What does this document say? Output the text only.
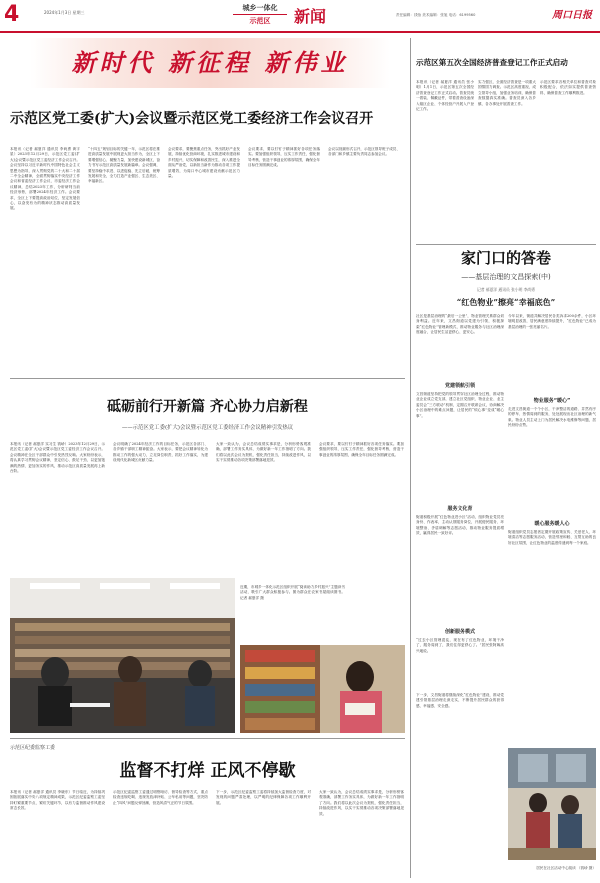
4	2024年1月3日 星期三
城乡一体化
示范区	新闻	责任编辑：钱怡 美术编辑：张旭 电话：6199560	周口日报
新时代 新征程 新伟业
示范区党工委(扩大)会议暨示范区党工委经济工作会议召开
本报讯（记者 郝夏洋 通讯员 李尚勇 黄宇星）2023年12月29日，示范区党工委(扩大)会议暨示范区党工委经济工作会议召开。会议坚持以习近平新时代中国特色社会主义思想为指导，深入贯彻党的二十大和二十届二中全会精神，全面贯彻落实中央经济工作会议和省委经济工作会议、市委经济工作会议精神，总结2023年工作，分析研判当前经济形势，部署2024年经济工作。会议要求，全区上下要提高政治站位，坚定发展信心，以奋发有为的精神状态推动高质量发展。
“十四五”规划目标的关键一年，示范区将在推进高质量发展中展现更大担当作为，全区上下要增强信心、凝聚力量，加快建设新城区，奋力书写示范区高质量发展新篇章。会议强调，要坚持稳中求进、以进促稳、先立后破，统筹发展和安全，全力打造产业强区、生态美区、幸福新区。
会议要求，要聚焦重点任务，突出抓好产业发展，持续优化营商环境，扎实推进城市建设和乡村振兴，切实保障和改善民生，深入推进全面从严治党，以新担当新作为推动各项工作提质增效，为周口中心城市建设贡献示范区力量。
会议要求，要以钉钉子精神抓好各项任务落实。要加强组织领导，压实工作责任，强化督导考核，营造干事创业的浓厚氛围，确保全年目标任务圆满完成。
会议以视频形式召开，示范区领导班子成员、各部门和乡镇主要负责同志参加会议。
砥砺前行开新篇 齐心协力启新程
——示范区党工委(扩大)会议暨示范区党工委经济工作会议精神引发热议
本报讯（记者 郝夏洋 实习生 钱峤）2023年12月29日，示范区党工委(扩大)会议暨示范区党工委经济工作会议召开。会议精神在全区干部群众中引发热烈反响。大家纷纷表示，将认真学习贯彻会议精神，坚定信心、鼓足干劲，以更加饱满的热情、更加务实的作风，推动示范区高质量发展再上新台阶。
会议明确了2024年经济工作的目标任务，示范区各部门、各乡镇干部职工精神振奋。大家表示，要把会议精神转化为推动工作的强大动力，立足岗位职责，抓好工作落实，为建设现代化新城区贡献力量。
大家一致认为，会议总结成绩实事求是，分析形势客观准确，部署工作务实具体，为做好新一年工作指明了方向。我们将以此次会议为契机，强化责任担当，持续改进作风，以实干实绩推动各项决策部署落地见效。
会议要求，要以钉钉子精神抓好各项任务落实。要加强组织领导，压实工作责任，强化督导考核，营造干事创业的浓厚氛围，确保全年目标任务圆满完成。
近期，市城乡一体化示范区组织开展“阅读助力乡村振兴”主题读书活动，吸引广大群众积极参与。图为群众在农家书屋阅读图书。 记者 郝夏洋 摄
示范区纪委监察工委
监督不打烊 正风不停歇
本报讯（记者 郝夏洋 通讯员 李晓东）节日临近，为持续巩固拓展落实中央八项规定精神成果，示范区纪委监察工委坚持盯紧重要节点、紧盯关键环节，以有力监督推动作风建设常态长效。
示范区纪委监察工委通过明察暗访、督导检查等方式，重点检查违规吃喝、违规发放津补贴、公车私用等问题，坚决防止“四风”问题反弹回潮，营造风清气正的节日氛围。
下一步，示范区纪委监察工委将持续加大监督检查力度，对发现的问题严肃处理，以严明的纪律保障各项工作顺利开展。
大家一致认为，会议总结成绩实事求是，分析形势客观准确，部署工作务实具体，为做好新一年工作指明了方向。我们将以此次会议为契机，强化责任担当，持续改进作风，以实干实绩推动各项决策部署落地见效。
示范区第五次全国经济普查登记工作正式启动
本报讯（记者 郝夏洋 通讯员 张小明）1月1日，示范区第五次全国经济普查登记工作正式启动。普查员统一着装、佩戴证件，带着普查设备深入辖区企业、个体经营户开展入户登记工作。
实力强区，全面经济普查是一项重大国情国力调查。示范区高度重视，成立领导小组，加强业务培训，确保普查数据真实准确。普查员深入各乡镇、各办事处开展普查工作。
示范区要求各相关单位和普查对象积极配合，依法如实提供普查资料，确保普查工作顺利推进。
家门口的答卷
——基层治理的文昌探索(中)
记者 郝夏洋 通讯员 张小明 李尚勇
“红色物业”擦亮“幸福底色”
社区是基层治理的“最后一公里”，物业管理关系群众切身利益。近年来，文昌街道以党建为引领，积极探索“红色物业”管理新模式，推动物业服务与社区治理深度融合，让居民生活更舒心、更安心。
党建领航引领
文昌街道坚持把党的领导贯穿社区治理全过程，推动物业企业成立党支部，建立社区党组织、物业企业、业主委员会“三方联动”机制，定期召开联席会议，协商解决小区治理中的难点问题，让居民的“烦心事”变成“暖心事”。
服务文化育
街道积极开展“红色物业进小区”活动，组织物业党员亮身份、作表率，主动认领服务岗位，开展便民服务、环境整治、矛盾调解等志愿活动，推动物业服务提质增效，赢得居民一致好评。
创新服务模式
“过去小区管理混乱，现在有了红色物业，环境干净了，服务周到了，我们住得更舒心了。”居民张阿姨高兴地说。
下一步，文昌街道将继续深化“红色物业”建设，推动党建引领基层治理走深走实，不断提升居民群众的获得感、幸福感、安全感。
今年以来，街道共解决居民各类诉求200余件，小区环境明显改善，居民满意度持续提升，“红色物业”已成为基层治理的一张亮丽名片。
物业服务“暖心”
走进文昌街道一个个小区，干净整洁的道路、井然有序的停车、热情周到的服务，处处展现出社区治理的新气象。物业人员主动上门为居民解决水电维修等问题，居民纷纷点赞。
暖心服务暖人心
街道组织党员志愿者定期开展政策宣传、关爱老人、环境清洁等志愿服务活动，营造邻里和睦、互帮互助的良好社区氛围，让红色物业的温度传递到每一个家庭。
居民在社区活动中心阅读 （钱峤 摄）
